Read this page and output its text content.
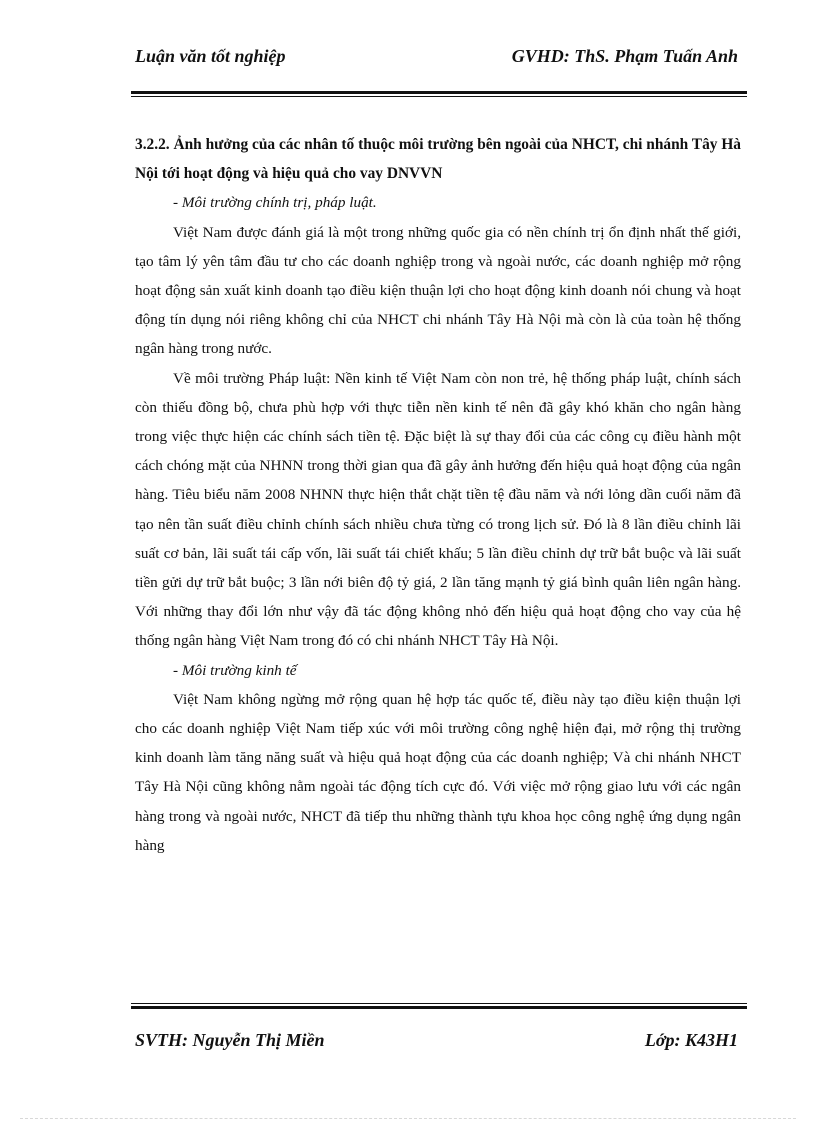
Luận văn tốt nghiệp	GVHD: ThS. Phạm Tuấn Anh

3.2.2. Ảnh hưởng của các nhân tố thuộc môi trường bên ngoài của NHCT, chi nhánh Tây Hà Nội tới hoạt động và hiệu quả cho vay DNVVN

- Môi trường chính trị, pháp luật.

Việt Nam được đánh giá là một trong những quốc gia có nền chính trị ổn định nhất thế giới, tạo tâm lý yên tâm đầu tư cho các doanh nghiệp trong và ngoài nước, các doanh nghiệp mở rộng hoạt động sản xuất kinh doanh tạo điều kiện thuận lợi cho hoạt động kinh doanh nói chung và hoạt động tín dụng nói riêng không chỉ của NHCT chi nhánh Tây Hà Nội mà còn là của toàn hệ thống ngân hàng trong nước.

Về môi trường Pháp luật: Nền kinh tế Việt Nam còn non trẻ, hệ thống pháp luật, chính sách còn thiếu đồng bộ, chưa phù hợp với thực tiễn nền kinh tế nên đã gây khó khăn cho ngân hàng trong việc thực hiện các chính sách tiền tệ. Đặc biệt là sự thay đổi của các công cụ điều hành một cách chóng mặt của NHNN trong thời gian qua đã gây ảnh hưởng đến hiệu quả hoạt động của ngân hàng. Tiêu biểu năm 2008 NHNN thực hiện thắt chặt tiền tệ đầu năm và nới lỏng dần cuối năm đã tạo nên tần suất điều chỉnh chính sách nhiều chưa từng có trong lịch sử. Đó là 8 lần điều chỉnh lãi suất cơ bản, lãi suất tái cấp vốn, lãi suất tái chiết khấu; 5 lần điều chỉnh dự trữ bắt buộc và lãi suất tiền gửi dự trữ bắt buộc; 3 lần nới biên độ tỷ giá, 2 lần tăng mạnh tỷ giá bình quân liên ngân hàng. Với những thay đổi lớn như vậy đã tác động không nhỏ đến hiệu quả hoạt động cho vay của hệ thống ngân hàng Việt Nam trong đó có chi nhánh NHCT Tây Hà Nội.

- Môi trường kinh tế

Việt Nam không ngừng mở rộng quan hệ hợp tác quốc tế, điều này tạo điều kiện thuận lợi cho các doanh nghiệp Việt Nam tiếp xúc với môi trường công nghệ hiện đại, mở rộng thị trường kinh doanh làm tăng năng suất và hiệu quả hoạt động của các doanh nghiệp; Và chi nhánh NHCT Tây Hà Nội cũng không nằm ngoài tác động tích cực đó. Với việc mở rộng giao lưu với các ngân hàng trong và ngoài nước, NHCT đã tiếp thu những thành tựu khoa học công nghệ ứng dụng ngân hàng

SVTH: Nguyễn Thị Miền	Lớp: K43H1
